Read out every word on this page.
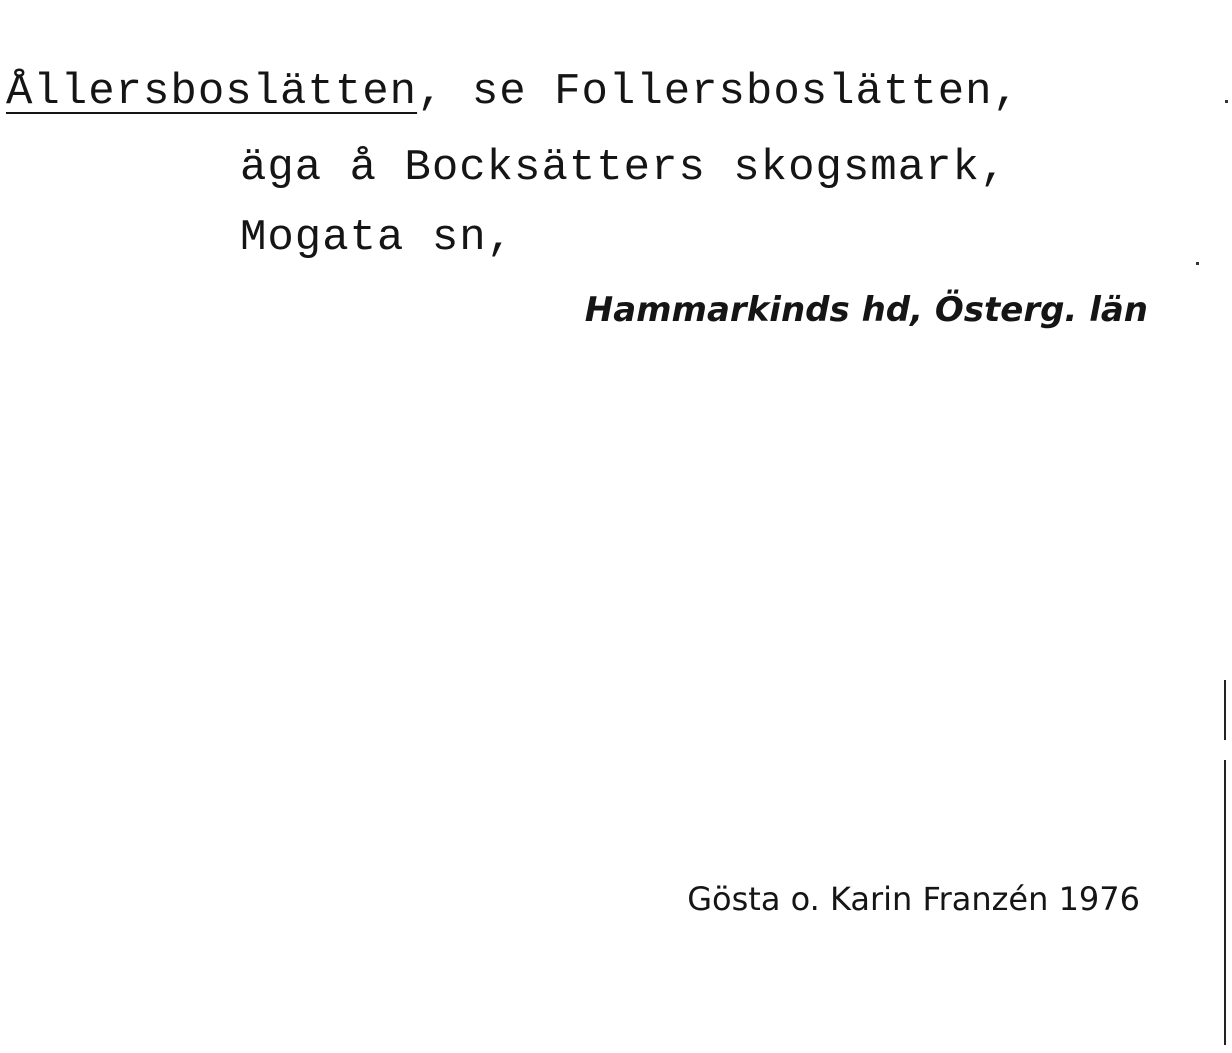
Ållersboslätten, se Follersboslätten,
äga å Bocksätters skogsmark,
Mogata sn,
Hammarkinds hd, Österg. län
Gösta o. Karin Franzén 1976
